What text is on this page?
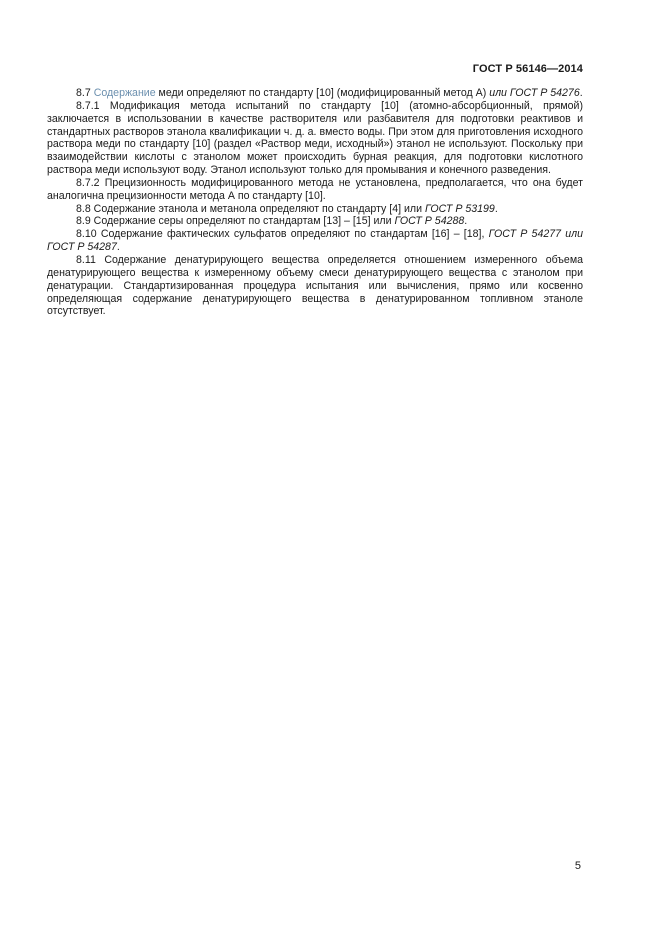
ГОСТ Р 56146—2014

8.7 Содержание меди определяют по стандарту [10] (модифицированный метод А) или ГОСТ Р 54276.

8.7.1 Модификация метода испытаний по стандарту [10] (атомно-абсорбционный, прямой) заключается в использовании в качестве растворителя или разбавителя для подготовки реактивов и стандартных растворов этанола квалификации ч. д. а. вместо воды. При этом для приготовления исходного раствора меди по стандарту [10] (раздел «Раствор меди, исходный») этанол не используют. Поскольку при взаимодействии кислоты с этанолом может происходить бурная реакция, для подготовки кислотного раствора меди используют воду. Этанол используют только для промывания и конечного разведения.

8.7.2 Прецизионность модифицированного метода не установлена, предполагается, что она будет аналогична прецизионности метода А по стандарту [10].

8.8 Содержание этанола и метанола определяют по стандарту [4] или ГОСТ Р 53199.

8.9 Содержание серы определяют по стандартам [13] – [15] или ГОСТ Р 54288.

8.10 Содержание фактических сульфатов определяют по стандартам [16] – [18], ГОСТ Р 54277 или ГОСТ Р 54287.

8.11 Содержание денатурирующего вещества определяется отношением измеренного объема денатурирующего вещества к измеренному объему смеси денатурирующего вещества с этанолом при денатурации. Стандартизированная процедура испытания или вычисления, прямо или косвенно определяющая содержание денатурирующего вещества в денатурированном топливном этаноле отсутствует.

5
